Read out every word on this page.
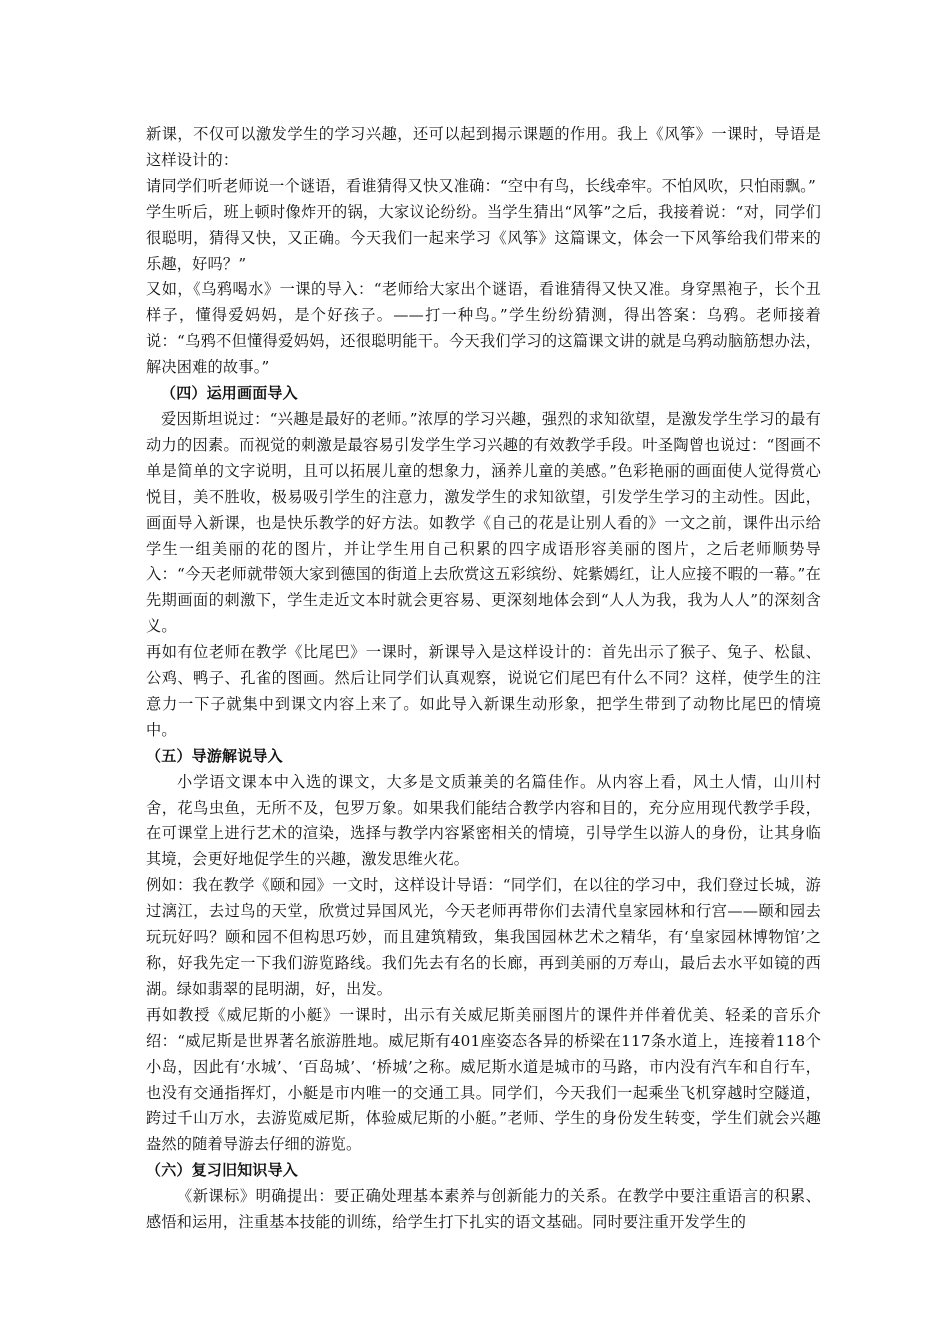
新课，不仅可以激发学生的学习兴趣，还可以起到揭示课题的作用。我上《风筝》一课时，导语是这样设计的：

请同学们听老师说一个谜语，看谁猜得又快又准确：“空中有鸟，长线牵牢。不怕风吹，只怕雨飘。”

学生听后，班上顿时像炸开的锅，大家议论纷纷。当学生猜出“风筝”之后，我接着说：“对，同学们很聪明，猜得又快，又正确。今天我们一起来学习《风筝》这篇课文，体会一下风筝给我们带来的乐趣，好吗？”

又如，《乌鸦喝水》一课的导入：“老师给大家出个谜语，看谁猜得又快又准。身穿黑袍子，长个丑样子，懂得爱妈妈，是个好孩子。——打一种鸟。”学生纷纷猜测，得出答案：乌鸦。老师接着说：“乌鸦不但懂得爱妈妈，还很聪明能干。今天我们学习的这篇课文讲的就是乌鸦动脑筋想办法，解决困难的故事。”

（四）运用画面导入

爱因斯坦说过：“兴趣是最好的老师。”浓厚的学习兴趣，强烈的求知欲望，是激发学生学习的最有动力的因素。而视觉的刺激是最容易引发学生学习兴趣的有效教学手段。叶圣陶曾也说过：“图画不单是简单的文字说明，且可以拓展儿童的想象力，涵养儿童的美感。”色彩艳丽的画面使人觉得赏心悦目，美不胜收，极易吸引学生的注意力，激发学生的求知欲望，引发学生学习的主动性。因此，画面导入新课，也是快乐教学的好方法。如教学《自己的花是让别人看的》一文之前，课件出示给学生一组美丽的花的图片，并让学生用自己积累的四字成语形容美丽的图片，之后老师顺势导入：“今天老师就带领大家到德国的街道上去欣赏这五彩缤纷、姹紫嫣红，让人应接不暇的一幕。”在先期画面的刺激下，学生走近文本时就会更容易、更深刻地体会到“人人为我，我为人人”的深刻含义。

再如有位老师在教学《比尾巴》一课时，新课导入是这样设计的：首先出示了猴子、兔子、松鼠、公鸡、鸭子、孔雀的图画。然后让同学们认真观察，说说它们尾巴有什么不同？这样，使学生的注意力一下子就集中到课文内容上来了。如此导入新课生动形象，把学生带到了动物比尾巴的情境中。

（五）导游解说导入

小学语文课本中入选的课文，大多是文质兼美的名篇佳作。从内容上看，风土人情，山川村舍，花鸟虫鱼，无所不及，包罗万象。如果我们能结合教学内容和目的，充分应用现代教学手段，在可课堂上进行艺术的渲染，选择与教学内容紧密相关的情境，引导学生以游人的身份，让其身临其境，会更好地促学生的兴趣，激发思维火花。

例如：我在教学《颐和园》一文时，这样设计导语：“同学们，在以往的学习中，我们登过长城，游过漓江，去过鸟的天堂，欣赏过异国风光，今天老师再带你们去清代皇家园林和行宫——颐和园去玩玩好吗？颐和园不但构思巧妙，而且建筑精致，集我国园林艺术之精华，有‘皇家园林博物馆’之称，好我先定一下我们游览路线。我们先去有名的长廊，再到美丽的万寿山，最后去水平如镜的西湖。绿如翡翠的昆明湖，好，出发。

再如教授《威尼斯的小艇》一课时，出示有关威尼斯美丽图片的课件并伴着优美、轻柔的音乐介绍：“威尼斯是世界著名旅游胜地。威尼斯有401座姿态各异的桥梁在117条水道上，连接着118个小岛，因此有‘水城’、‘百岛城’、‘桥城’之称。威尼斯水道是城市的马路，市内没有汽车和自行车，也没有交通指挥灯，小艇是市内唯一的交通工具。同学们，今天我们一起乘坐飞机穿越时空隧道，跨过千山万水，去游览威尼斯，体验威尼斯的小艇。”老师、学生的身份发生转变，学生们就会兴趣盎然的随着导游去仔细的游览。

（六）复习旧知识导入

《新课标》明确提出：要正确处理基本素养与创新能力的关系。在教学中要注重语言的积累、感悟和运用，注重基本技能的训练，给学生打下扎实的语文基础。同时要注重开发学生的
